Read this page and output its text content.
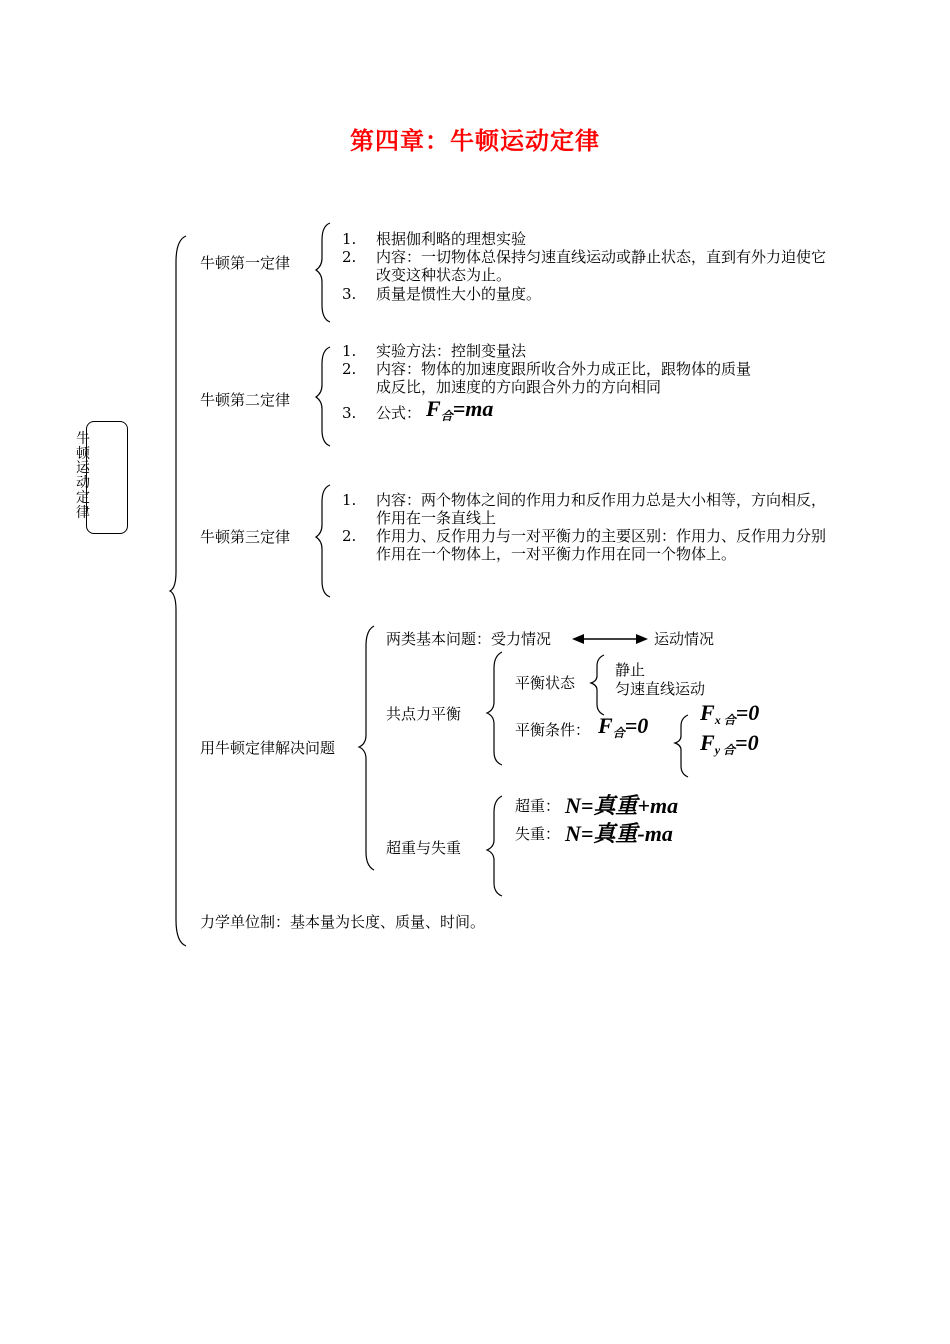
第四章：牛顿运动定律
牛顿运动定律
牛顿第一定律
1.	根据伽利略的理想实验
2.	内容：一切物体总保持匀速直线运动或静止状态，直到有外力迫使它
改变这种状态为止。
3.	质量是惯性大小的量度。
牛顿第二定律
1.	实验方法：控制变量法
2.	内容：物体的加速度跟所收合外力成正比，跟物体的质量
成反比，加速度的方向跟合外力的方向相同
3.	公式： $F_合=ma$
牛顿第三定律
1.	内容：两个物体之间的作用力和反作用力总是大小相等，方向相反，
作用在一条直线上
2.	作用力、反作用力与一对平衡力的主要区别：作用力、反作用力分别
作用在一个物体上，一对平衡力作用在同一个物体上。
用牛顿定律解决问题
两类基本问题：受力情况	运动情况
共点力平衡
平衡状态
静止
匀速直线运动
平衡条件： $F_合=0$
$F_{x 合}=0$
$F_{y 合}=0$
超重与失重
超重： N=真重+ma
失重： N=真重-ma
力学单位制：基本量为长度、质量、时间。
